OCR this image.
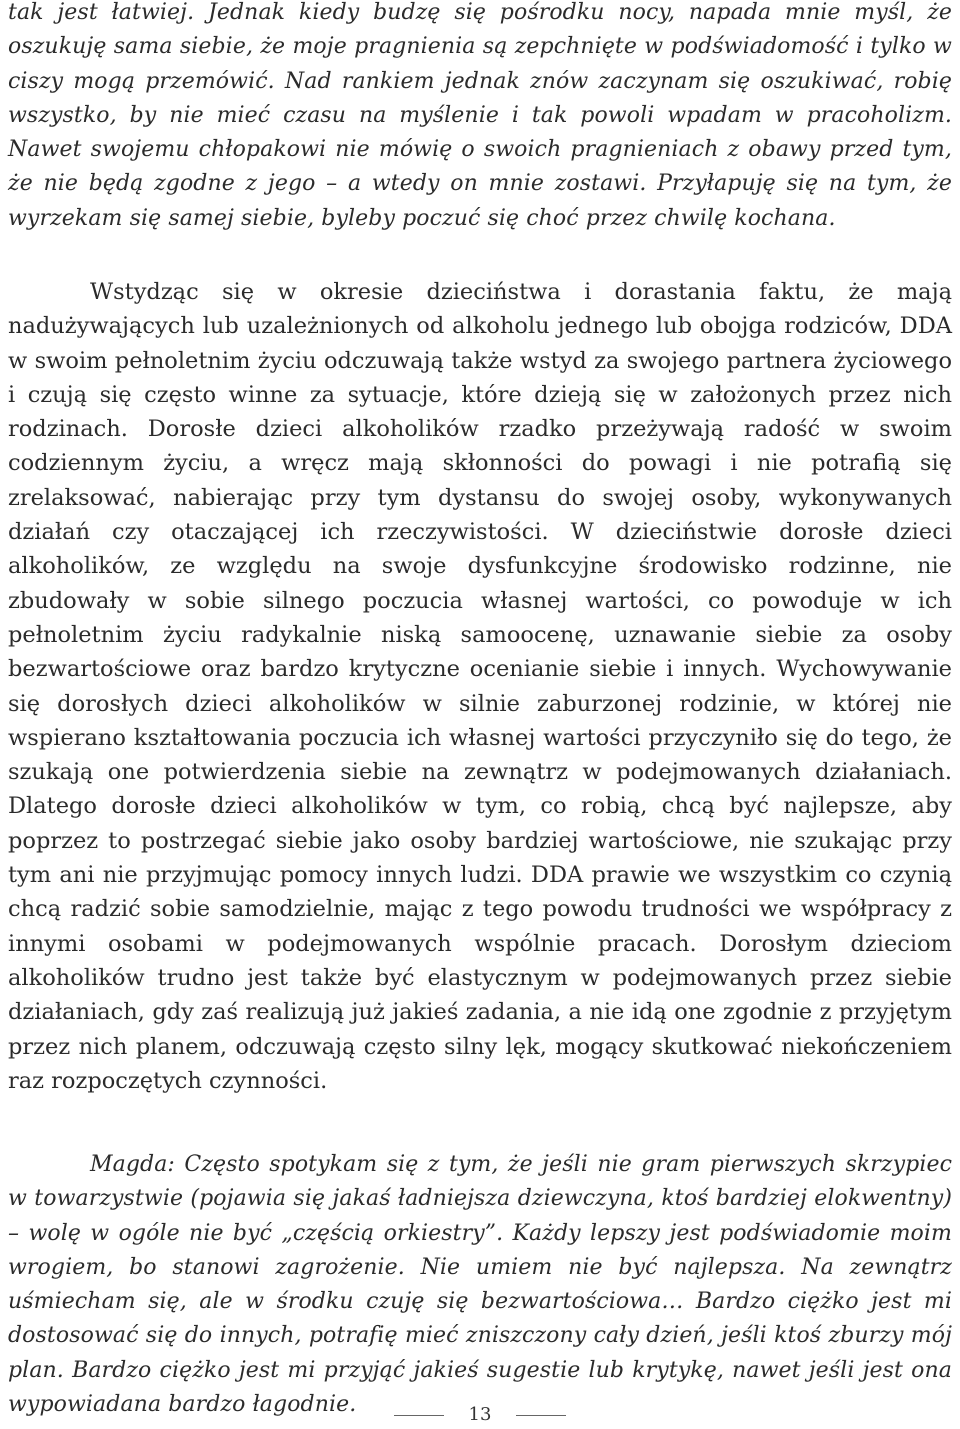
tak jest łatwiej. Jednak kiedy budzę się pośrodku nocy, napada mnie myśl, że oszukuję sama siebie, że moje pragnienia są zepchnięte w podświadomość i tylko w ciszy mogą przemówić. Nad rankiem jednak znów zaczynam się oszukiwać, robię wszystko, by nie mieć czasu na myślenie i tak powoli wpadam w pracoholizm. Nawet swojemu chłopakowi nie mówię o swoich pragnieniach z obawy przed tym, że nie będą zgodne z jego – a wtedy on mnie zostawi. Przyłapuję się na tym, że wyrzekam się samej siebie, byleby poczuć się choć przez chwilę kochana.

Wstydząc się w okresie dzieciństwa i dorastania faktu, że mają nadużywających lub uzależnionych od alkoholu jednego lub obojga rodziców, DDA w swoim pełnoletnim życiu odczuwają także wstyd za swojego partnera życiowego i czują się często winne za sytuacje, które dzieją się w założonych przez nich rodzinach. Dorosłe dzieci alkoholików rzadko przeżywają radość w swoim codziennym życiu, a wręcz mają skłonności do powagi i nie potrafią się zrelaksować, nabierając przy tym dystansu do swojej osoby, wykonywanych działań czy otaczającej ich rzeczywistości. W dzieciństwie dorosłe dzieci alkoholików, ze względu na swoje dysfunkcyjne środowisko rodzinne, nie zbudowały w sobie silnego poczucia własnej wartości, co powoduje w ich pełnoletnim życiu radykalnie niską samoocenę, uznawanie siebie za osoby bezwartościowe oraz bardzo krytyczne ocenianie siebie i innych. Wychowywanie się dorosłych dzieci alkoholików w silnie zaburzonej rodzinie, w której nie wspierano kształtowania poczucia ich własnej wartości przyczyniło się do tego, że szukają one potwierdzenia siebie na zewnątrz w podejmowanych działaniach. Dlatego dorosłe dzieci alkoholików w tym, co robią, chcą być najlepsze, aby poprzez to postrzegać siebie jako osoby bardziej wartościowe, nie szukając przy tym ani nie przyjmując pomocy innych ludzi. DDA prawie we wszystkim co czynią chcą radzić sobie samodzielnie, mając z tego powodu trudności we współpracy z innymi osobami w podejmowanych wspólnie pracach. Dorosłym dzieciom alkoholików trudno jest także być elastycznym w podejmowanych przez siebie działaniach, gdy zaś realizują już jakieś zadania, a nie idą one zgodnie z przyjętym przez nich planem, odczuwają często silny lęk, mogący skutkować niekończeniem raz rozpoczętych czynności.

Magda: Często spotykam się z tym, że jeśli nie gram pierwszych skrzypiec w towarzystwie (pojawia się jakaś ładniejsza dziewczyna, ktoś bardziej elokwentny) – wolę w ogóle nie być „częścią orkiestry”. Każdy lepszy jest podświadomie moim wrogiem, bo stanowi zagrożenie. Nie umiem nie być najlepsza. Na zewnątrz uśmiecham się, ale w środku czuję się bezwartościowa… Bardzo ciężko jest mi dostosować się do innych, potrafię mieć zniszczony cały dzień, jeśli ktoś zburzy mój plan. Bardzo ciężko jest mi przyjąć jakieś sugestie lub krytykę, nawet jeśli jest ona wypowiadana bardzo łagodnie.	13
